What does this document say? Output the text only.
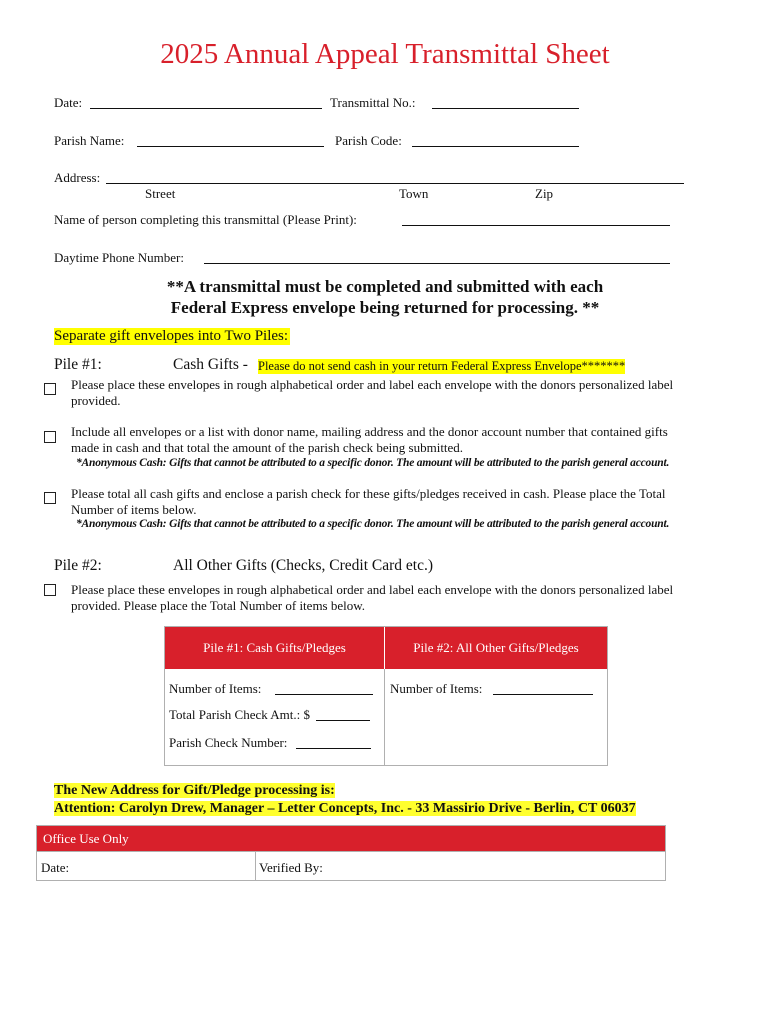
2025 Annual Appeal Transmittal Sheet
Date:	Transmittal No.:
Parish Name:	Parish Code:
Address:
Street	Town	Zip
Name of person completing this transmittal (Please Print):
Daytime Phone Number:
**A transmittal must be completed and submitted with each
Federal Express envelope being returned for processing. **
Separate gift envelopes into Two Piles:
Pile #1:	Cash Gifts - Please do not send cash in your return Federal Express Envelope*******
Please place these envelopes in rough alphabetical order and label each envelope with the donors personalized label
provided.
Include all envelopes or a list with donor name, mailing address and the donor account number that contained gifts
made in cash and that total the amount of the parish check being submitted.
*Anonymous Cash: Gifts that cannot be attributed to a specific donor. The amount will be attributed to the parish general account.
Please total all cash gifts and enclose a parish check for these gifts/pledges received in cash. Please place the Total
Number of items below.
*Anonymous Cash: Gifts that cannot be attributed to a specific donor. The amount will be attributed to the parish general account.
Pile #2:	All Other Gifts (Checks, Credit Card etc.)
Please place these envelopes in rough alphabetical order and label each envelope with the donors personalized label
provided. Please place the Total Number of items below.
Pile #1: Cash Gifts/Pledges	Pile #2: All Other Gifts/Pledges
Number of Items:
Total Parish Check Amt.: $
Parish Check Number:
Number of Items:
The New Address for Gift/Pledge processing is:
Attention: Carolyn Drew, Manager – Letter Concepts, Inc. - 33 Massirio Drive - Berlin, CT 06037
Office Use Only
Date:	Verified By:
